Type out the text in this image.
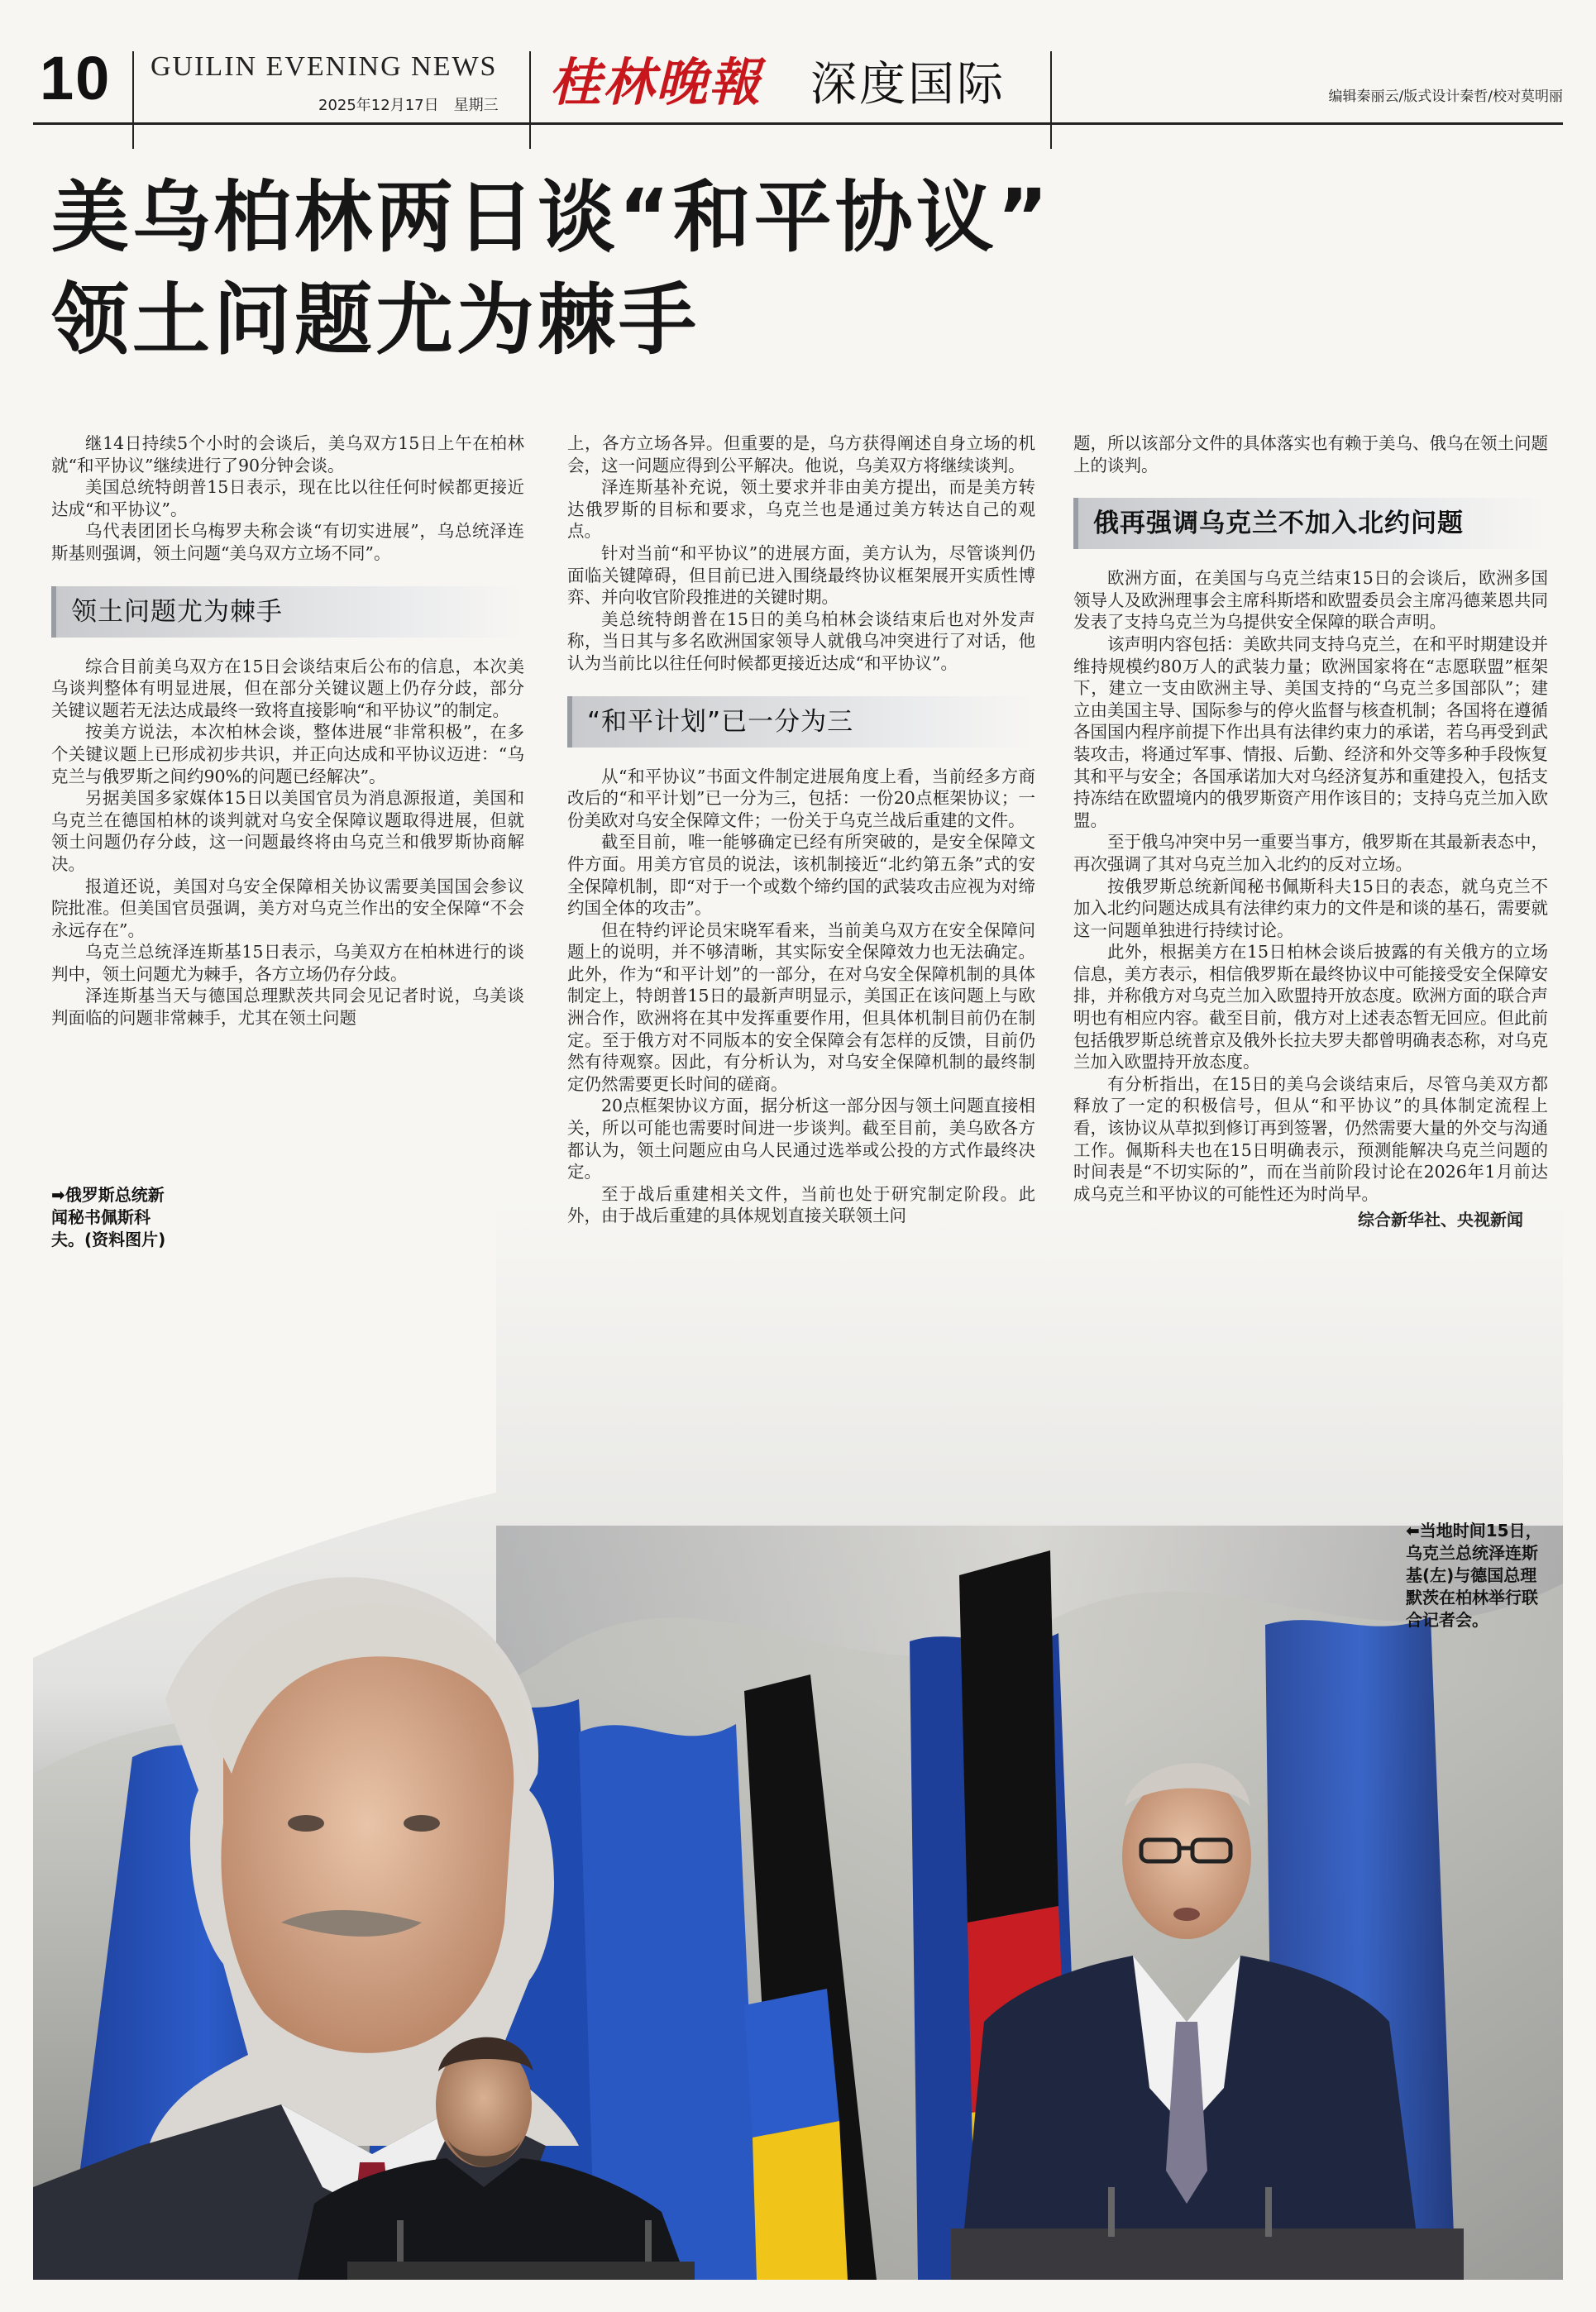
10 GUILIN EVENING NEWS
2025年12月17日　星期三 桂林晚報 深度国际	编辑秦丽云/版式设计秦哲/校对莫明丽
美乌柏林两日谈“和平协议”
领土问题尤为棘手

继14日持续5个小时的会谈后，美乌双方15日上午在柏林就“和平协议”继续进行了90分钟会谈。

美国总统特朗普15日表示，现在比以往任何时候都更接近达成“和平协议”。

乌代表团团长乌梅罗夫称会谈“有切实进展”，乌总统泽连斯基则强调，领土问题“美乌双方立场不同”。

领土问题尤为棘手

综合目前美乌双方在15日会谈结束后公布的信息，本次美乌谈判整体有明显进展，但在部分关键议题上仍存分歧，部分关键议题若无法达成最终一致将直接影响“和平协议”的制定。

按美方说法，本次柏林会谈，整体进展“非常积极”，在多个关键议题上已形成初步共识，并正向达成和平协议迈进：“乌克兰与俄罗斯之间约90%的问题已经解决”。

另据美国多家媒体15日以美国官员为消息源报道，美国和乌克兰在德国柏林的谈判就对乌安全保障议题取得进展，但就领土问题仍存分歧，这一问题最终将由乌克兰和俄罗斯协商解决。

报道还说，美国对乌安全保障相关协议需要美国国会参议院批准。但美国官员强调，美方对乌克兰作出的安全保障“不会永远存在”。

乌克兰总统泽连斯基15日表示，乌美双方在柏林进行的谈判中，领土问题尤为棘手，各方立场仍存分歧。

泽连斯基当天与德国总理默茨共同会见记者时说，乌美谈判面临的问题非常棘手，尤其在领土问题

上，各方立场各异。但重要的是，乌方获得阐述自身立场的机会，这一问题应得到公平解决。他说，乌美双方将继续谈判。

泽连斯基补充说，领土要求并非由美方提出，而是美方转达俄罗斯的目标和要求，乌克兰也是通过美方转达自己的观点。

针对当前“和平协议”的进展方面，美方认为，尽管谈判仍面临关键障碍，但目前已进入围绕最终协议框架展开实质性博弈、并向收官阶段推进的关键时期。

美总统特朗普在15日的美乌柏林会谈结束后也对外发声称，当日其与多名欧洲国家领导人就俄乌冲突进行了对话，他认为当前比以往任何时候都更接近达成“和平协议”。

“和平计划”已一分为三

从“和平协议”书面文件制定进展角度上看，当前经多方商改后的“和平计划”已一分为三，包括：一份20点框架协议；一份美欧对乌安全保障文件；一份关于乌克兰战后重建的文件。

截至目前，唯一能够确定已经有所突破的，是安全保障文件方面。用美方官员的说法，该机制接近“北约第五条”式的安全保障机制，即“对于一个或数个缔约国的武装攻击应视为对缔约国全体的攻击”。

但在特约评论员宋晓军看来，当前美乌双方在安全保障问题上的说明，并不够清晰，其实际安全保障效力也无法确定。此外，作为“和平计划”的一部分，在对乌安全保障机制的具体制定上，特朗普15日的最新声明显示，美国正在该问题上与欧洲合作，欧洲将在其中发挥重要作用，但具体机制目前仍在制定。至于俄方对不同版本的安全保障会有怎样的反馈，目前仍然有待观察。因此，有分析认为，对乌安全保障机制的最终制定仍然需要更长时间的磋商。

20点框架协议方面，据分析这一部分因与领土问题直接相关，所以可能也需要时间进一步谈判。截至目前，美乌欧各方都认为，领土问题应由乌人民通过选举或公投的方式作最终决定。

至于战后重建相关文件，当前也处于研究制定阶段。此外，由于战后重建的具体规划直接关联领土问

题，所以该部分文件的具体落实也有赖于美乌、俄乌在领土问题上的谈判。

俄再强调乌克兰不加入北约问题

欧洲方面，在美国与乌克兰结束15日的会谈后，欧洲多国领导人及欧洲理事会主席科斯塔和欧盟委员会主席冯德莱恩共同发表了支持乌克兰为乌提供安全保障的联合声明。

该声明内容包括：美欧共同支持乌克兰，在和平时期建设并维持规模约80万人的武装力量；欧洲国家将在“志愿联盟”框架下，建立一支由欧洲主导、美国支持的“乌克兰多国部队”；建立由美国主导、国际参与的停火监督与核查机制；各国将在遵循各国国内程序前提下作出具有法律约束力的承诺，若乌再受到武装攻击，将通过军事、情报、后勤、经济和外交等多种手段恢复其和平与安全；各国承诺加大对乌经济复苏和重建投入，包括支持冻结在欧盟境内的俄罗斯资产用作该目的；支持乌克兰加入欧盟。

至于俄乌冲突中另一重要当事方，俄罗斯在其最新表态中，再次强调了其对乌克兰加入北约的反对立场。

按俄罗斯总统新闻秘书佩斯科夫15日的表态，就乌克兰不加入北约问题达成具有法律约束力的文件是和谈的基石，需要就这一问题单独进行持续讨论。

此外，根据美方在15日柏林会谈后披露的有关俄方的立场信息，美方表示，相信俄罗斯在最终协议中可能接受安全保障安排，并称俄方对乌克兰加入欧盟持开放态度。欧洲方面的联合声明也有相应内容。截至目前，俄方对上述表态暂无回应。但此前包括俄罗斯总统普京及俄外长拉夫罗夫都曾明确表态称，对乌克兰加入欧盟持开放态度。

有分析指出，在15日的美乌会谈结束后，尽管乌美双方都释放了一定的积极信号，但从“和平协议”的具体制定流程上看，该协议从草拟到修订再到签署，仍然需要大量的外交与沟通工作。佩斯科夫也在15日明确表示，预测能解决乌克兰问题的时间表是“不切实际的”，而在当前阶段讨论在2026年1月前达成乌克兰和平协议的可能性还为时尚早。

综合新华社、央视新闻
➡俄罗斯总统新闻秘书佩斯科夫。(资料图片)
⬅当地时间15日，乌克兰总统泽连斯基(左)与德国总理默茨在柏林举行联合记者会。
